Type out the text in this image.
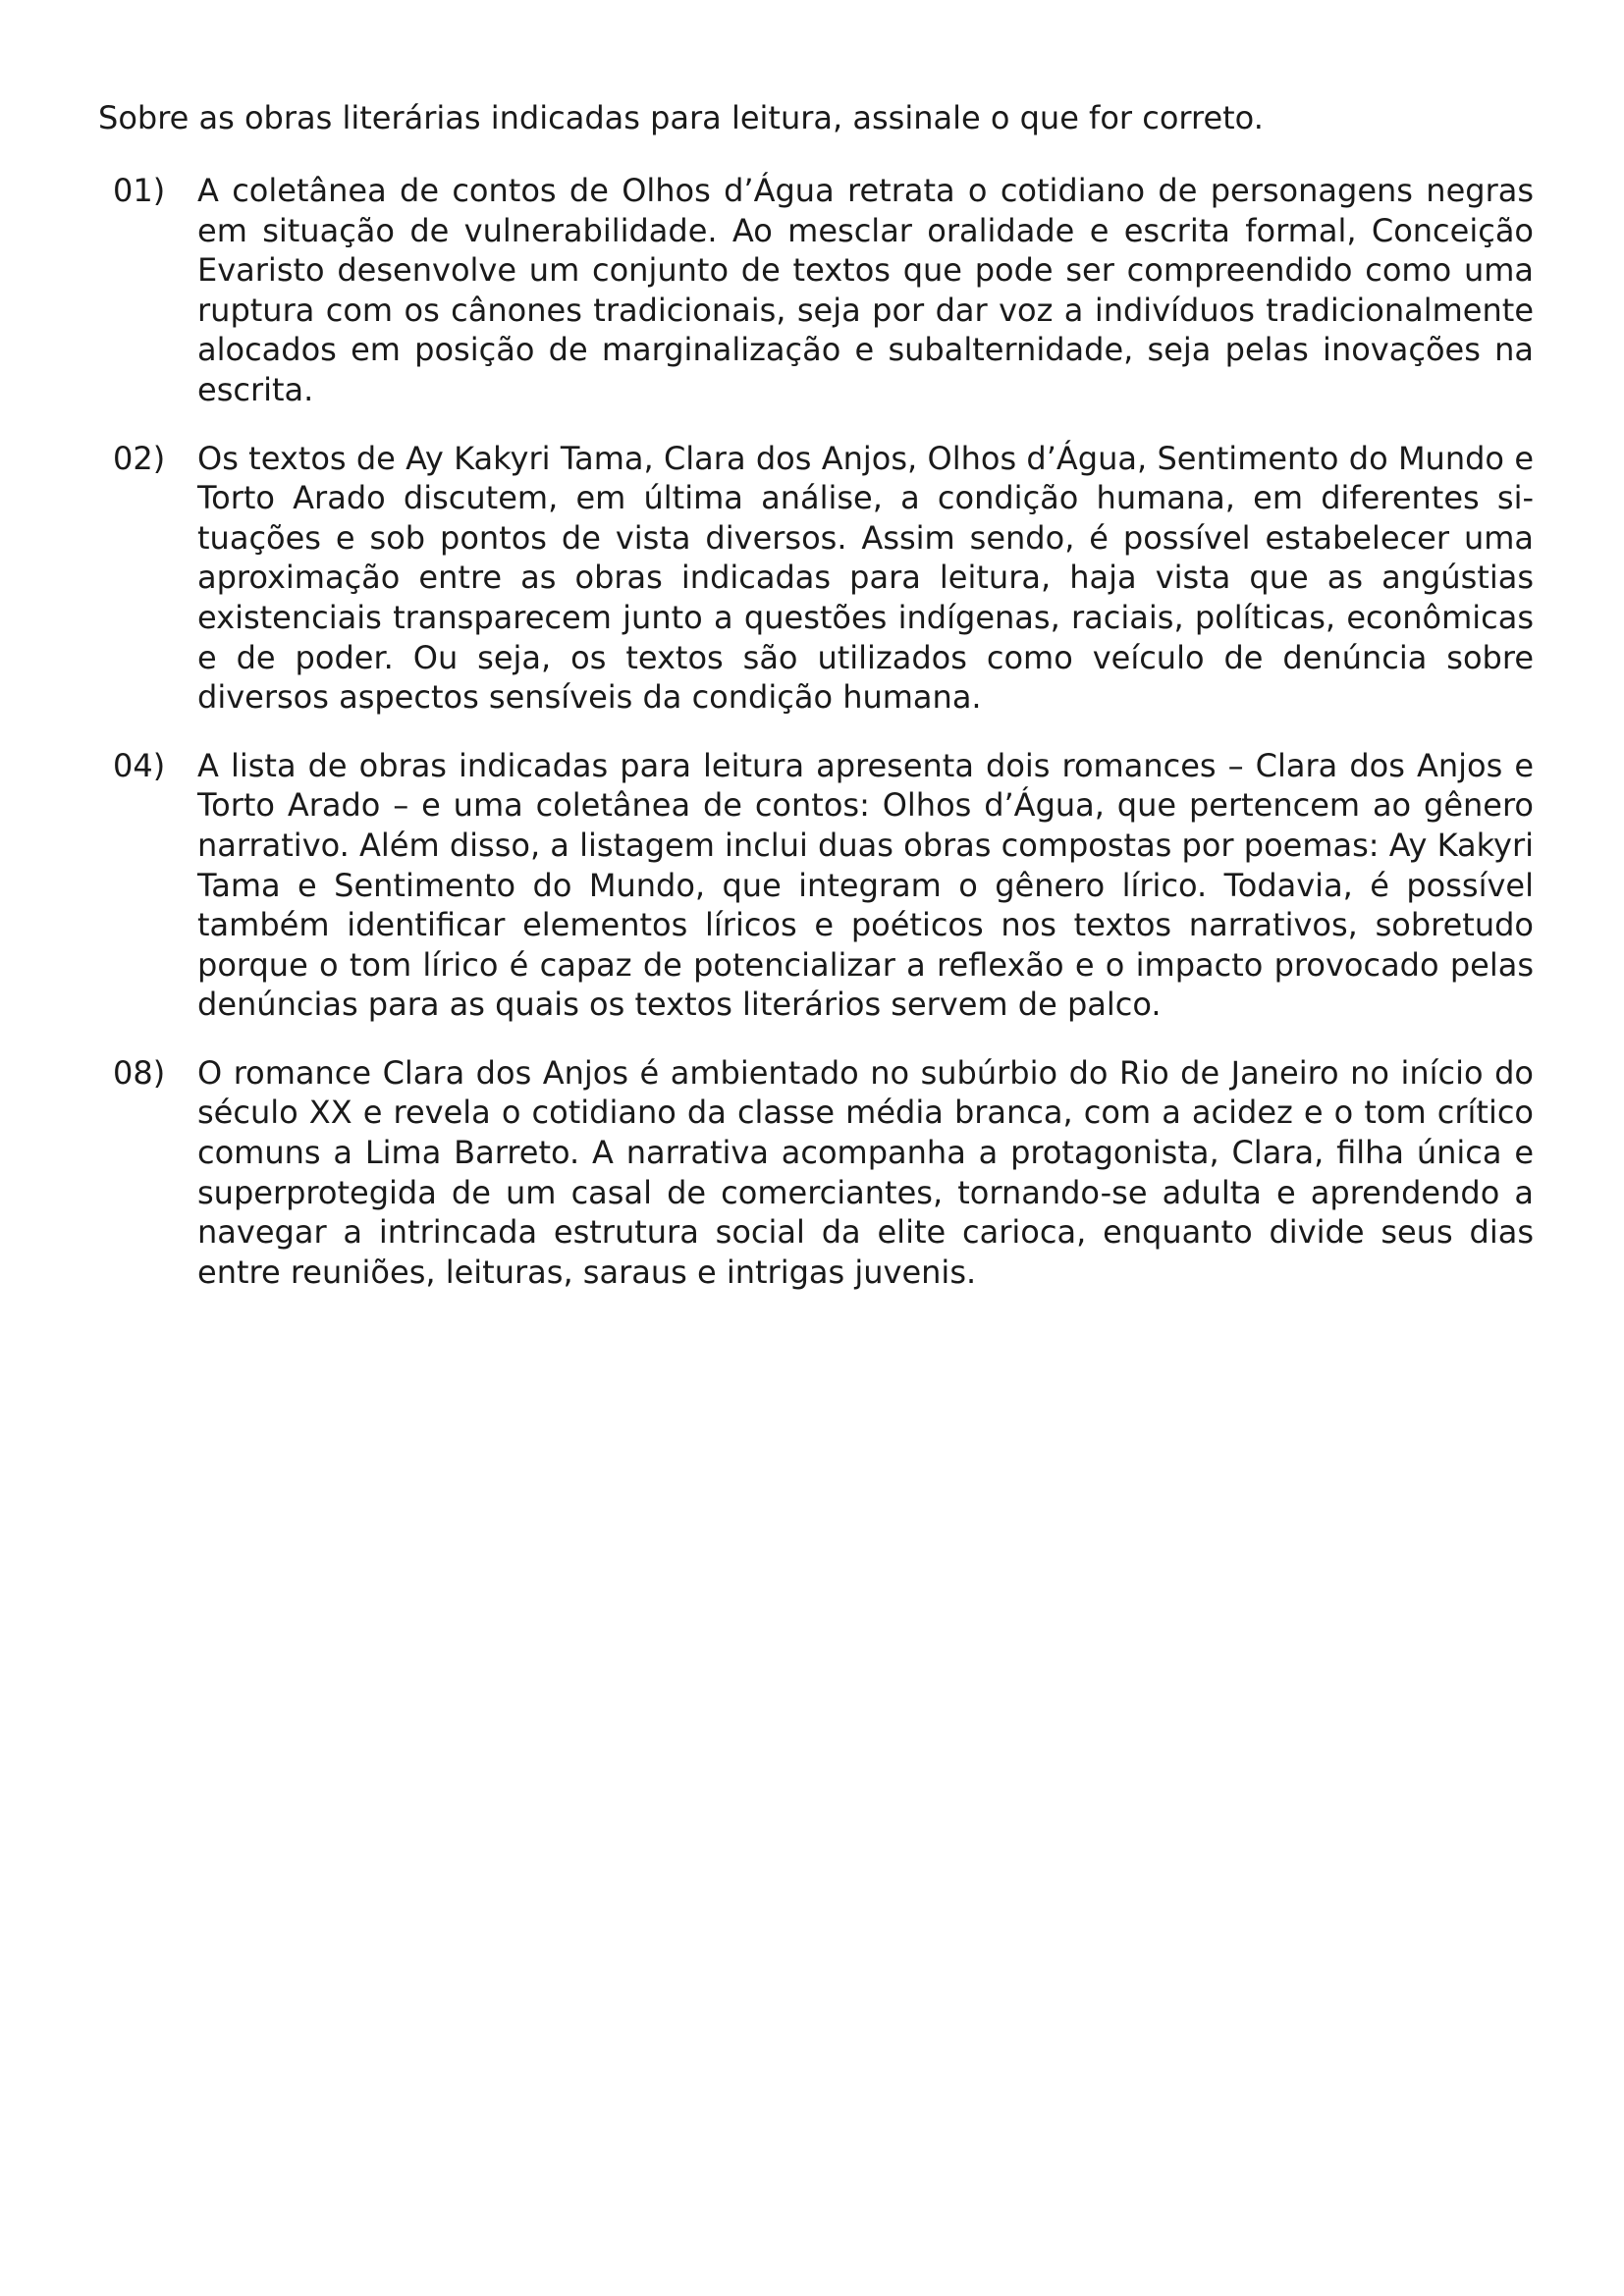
Sobre as obras literárias indicadas para leitura, assinale o que for correto.

01)	A coletânea de contos de Olhos d’Água retrata o cotidiano de personagens negras em situação de vulnerabilidade. Ao mesclar oralidade e escrita formal, Conceição Evaristo desenvolve um conjunto de textos que pode ser compreendido como uma ruptura com os cânones tradicionais, seja por dar voz a indivíduos tradicionalmente alocados em posição de marginalização e subalternidade, seja pelas inovações na escrita.

02)	Os textos de Ay Kakyri Tama, Clara dos Anjos, Olhos d’Água, Sentimento do Mundo e Torto Arado discutem, em última análise, a condição humana, em diferentes situações e sob pontos de vista diversos. Assim sendo, é possível estabelecer uma aproximação entre as obras indicadas para leitura, haja vista que as angústias existenciais transparecem junto a questões indígenas, raciais, políticas, econômicas e de poder. Ou seja, os textos são utilizados como veículo de denúncia sobre diversos aspectos sensíveis da condição humana.

04)	A lista de obras indicadas para leitura apresenta dois romances – Clara dos Anjos e Torto Arado – e uma coletânea de contos: Olhos d’Água, que pertencem ao gênero narrativo. Além disso, a listagem inclui duas obras compostas por poemas: Ay Kakyri Tama e Sentimento do Mundo, que integram o gênero lírico. Todavia, é possível também identificar elementos líricos e poéticos nos textos narrativos, sobretudo porque o tom lírico é capaz de potencializar a reflexão e o impacto provocado pelas denúncias para as quais os textos literários servem de palco.

08)	O romance Clara dos Anjos é ambientado no subúrbio do Rio de Janeiro no início do século XX e revela o cotidiano da classe média branca, com a acidez e o tom crítico comuns a Lima Barreto. A narrativa acompanha a protagonista, Clara, filha única e superprotegida de um casal de comerciantes, tornando-se adulta e aprendendo a navegar a intrincada estrutura social da elite carioca, enquanto divide seus dias entre reuniões, leituras, saraus e intrigas juvenis.
